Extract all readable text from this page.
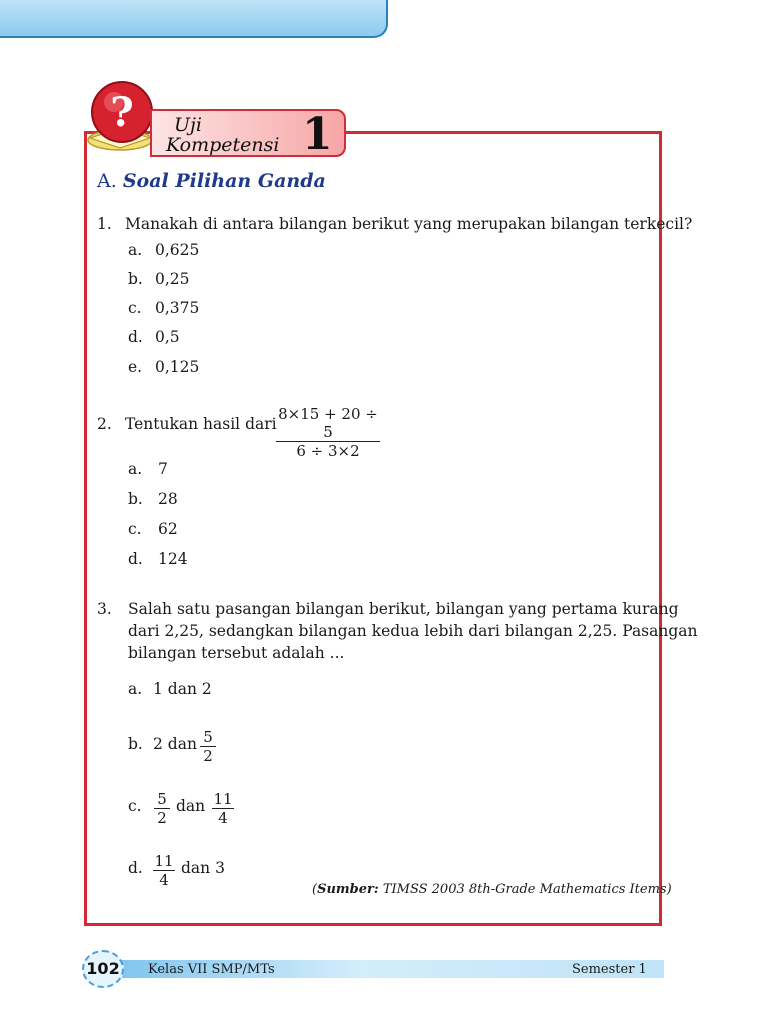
? Uji
Kompetensi 1
A. Soal Pilihan Ganda
1. Manakah di antara bilangan berikut yang merupakan bilangan terkecil?
a. 0,625
b. 0,25
c. 0,375
d. 0,5
e. 0,125
2. Tentukan hasil dari $\frac{8\times 15 + 20 \div 5}{6 \div 3\times 2}$
a. 7
b. 28
c. 62
d. 124
3. Salah satu pasangan bilangan berikut, bilangan yang pertama kurang
dari 2,25, sedangkan bilangan kedua lebih dari bilangan 2,25. Pasangan
bilangan tersebut adalah ...
a. 1 dan 2
b. 2 dan $\frac{5}{2}$
c. $\frac{5}{2}$ dan $\frac{11}{4}$
d. $\frac{11}{4}$ dan 3
(Sumber: TIMSS 2003 8th-Grade Mathematics Items)
102	Kelas VII SMP/MTs	Semester 1
